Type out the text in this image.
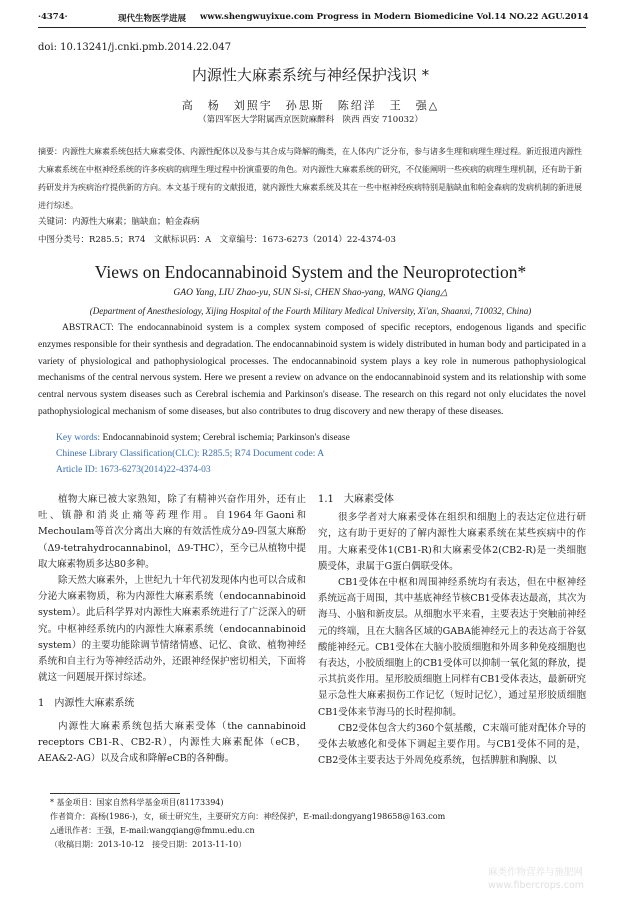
·4374·	现代生物医学进展 www.shengwuyixue.com Progress in Modern Biomedicine Vol.14 NO.22 AGU.2014
doi: 10.13241/j.cnki.pmb.2014.22.047
内源性大麻素系统与神经保护浅识 *
高　杨　刘照宇　孙思斯　陈绍洋　王　强△
（第四军医大学附属西京医院麻醉科　陕西 西安 710032）
摘要：内源性大麻素系统包括大麻素受体、内源性配体以及参与其合成与降解的酶类，在人体内广泛分布，参与诸多生理和病理生理过程。新近报道内源性大麻素系统在中枢神经系统的许多疾病的病理生理过程中扮演重要的角色。对内源性大麻素系统的研究，不仅能阐明一些疾病的病理生理机制，还有助于新药研发并为疾病治疗提供新的方向。本文基于现有的文献报道，就内源性大麻素系统及其在一些中枢神经疾病特别是脑缺血和帕金森病的发病机制的新进展进行综述。
关键词：内源性大麻素；脑缺血；帕金森病
中图分类号：R285.5；R74　文献标识码：A　文章编号：1673-6273（2014）22-4374-03
Views on Endocannabinoid System and the Neuroprotection*
GAO Yang, LIU Zhao-yu, SUN Si-si, CHEN Shao-yang, WANG Qiang△
(Department of Anesthesiology, Xijing Hospital of the Fourth Military Medical University, Xi'an, Shaanxi, 710032, China)
ABSTRACT: The endocannabinoid system is a complex system composed of specific receptors, endogenous ligands and specific enzymes responsible for their synthesis and degradation. The endocannabinoid system is widely distributed in human body and participated in a variety of physiological and pathophysiological processes. The endocannabinoid system plays a key role in numerous pathophysiological mechanisms of the central nervous system. Here we present a review on advance on the endocannabinoid system and its relationship with some central nervous system diseases such as Cerebral ischemia and Parkinson's disease. The research on this regard not only elucidates the novel pathophysiological mechanism of some diseases, but also contributes to drug discovery and new therapy of these diseases.
Key words: Endocannabinoid system; Cerebral ischemia; Parkinson's disease
Chinese Library Classification(CLC): R285.5; R74 Document code: A
Article ID: 1673-6273(2014)22-4374-03

植物大麻已被大家熟知，除了有精神兴奋作用外，还有止吐、镇静和消炎止痛等药理作用。自1964年Gaoni和Mechoulam等首次分离出大麻的有效活性成分Δ9-四氢大麻酚（Δ9-tetrahydrocannabinol，Δ9-THC），至今已从植物中提取大麻素物质多达80多种。

除天然大麻素外，上世纪九十年代初发现体内也可以合成和分泌大麻素物质，称为内源性大麻素系统（endocannabinoid system）。此后科学界对内源性大麻素系统进行了广泛深入的研究。中枢神经系统内的内源性大麻素系统（endocannabinoid system）的主要功能除调节情绪情感、记忆、食欲、植物神经系统和自主行为等神经活动外，还跟神经保护密切相关，下面将就这一问题展开探讨综述。

1　内源性大麻素系统

内源性大麻素系统包括大麻素受体（the cannabinoid receptors CB1-R、CB2-R），内源性大麻素配体（eCB，AEA&2-AG）以及合成和降解eCB的各种酶。

1.1　大麻素受体

很多学者对大麻素受体在组织和细胞上的表达定位进行研究，这有助于更好的了解内源性大麻素系统在某些疾病中的作用。大麻素受体1(CB1-R)和大麻素受体2(CB2-R)是一类细胞膜受体，隶属于G蛋白偶联受体。

CB1受体在中枢和周围神经系统均有表达，但在中枢神经系统远高于周围，其中基底神经节核CB1受体表达最高，其次为海马、小脑和新皮层。从细胞水平来看，主要表达于突触前神经元的终端，且在大脑各区域的GABA能神经元上的表达高于谷氨酸能神经元。CB1受体在大脑小胶质细胞和外周多种免疫细胞也有表达，小胶质细胞上的CB1受体可以抑制一氧化氮的释放，提示其抗炎作用。星形胶质细胞上同样有CB1受体表达，最新研究显示急性大麻素损伤工作记忆（短时记忆），通过星形胶质细胞CB1受体来节海马的长时程抑制。

CB2受体包含大约360个氨基酸，C末端可能对配体介导的受体去敏感化和受体下调起主要作用。与CB1受体不同的是，CB2受体主要表达于外周免疫系统，包括脾脏和胸腺、以

* 基金项目：国家自然科学基金项目(81173394)
作者简介：高杨(1986-)，女，硕士研究生，主要研究方向：神经保护，E-mail:dongyang198658@163.com
△通讯作者：王强，E-mail:wangqiang@fmmu.edu.cn
（收稿日期：2013-10-12　接受日期：2013-11-10）
麻类作物营养与施肥网 www.fibercrops.com
